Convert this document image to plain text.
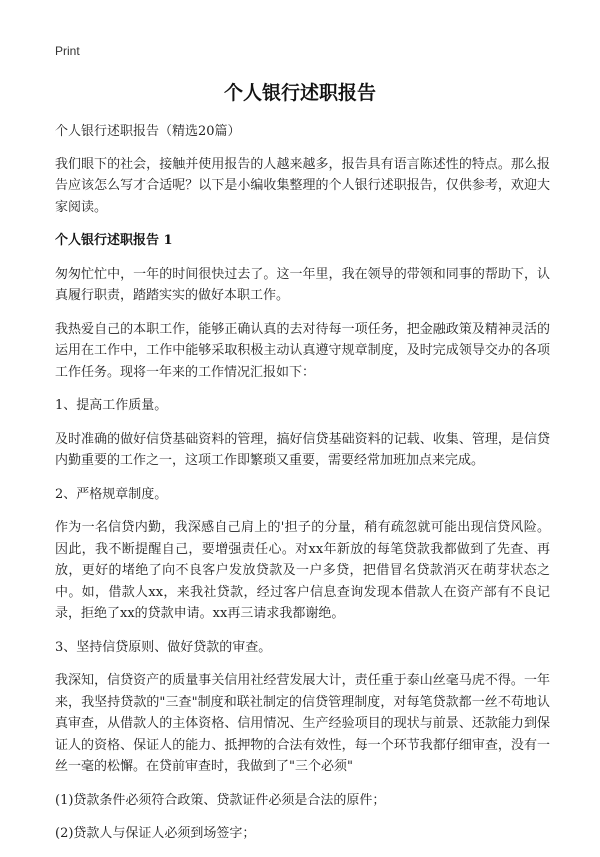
Print
个人银行述职报告

个人银行述职报告（精选20篇）

我们眼下的社会，接触并使用报告的人越来越多，报告具有语言陈述性的特点。那么报告应该怎么写才合适呢？以下是小编收集整理的个人银行述职报告，仅供参考，欢迎大家阅读。

个人银行述职报告 1

匆匆忙忙中，一年的时间很快过去了。这一年里，我在领导的带领和同事的帮助下，认真履行职责，踏踏实实的做好本职工作。

我热爱自己的本职工作，能够正确认真的去对待每一项任务，把金融政策及精神灵活的运用在工作中，工作中能够采取积极主动认真遵守规章制度，及时完成领导交办的各项工作任务。现将一年来的工作情况汇报如下：

1、提高工作质量。

及时准确的做好信贷基础资料的管理，搞好信贷基础资料的记载、收集、管理，是信贷内勤重要的工作之一，这项工作即繁琐又重要，需要经常加班加点来完成。

2、严格规章制度。

作为一名信贷内勤，我深感自己肩上的'担子的分量，稍有疏忽就可能出现信贷风险。因此，我不断提醒自己，要增强责任心。对xx年新放的每笔贷款我都做到了先查、再放，更好的堵绝了向不良客户发放贷款及一户多贷，把借冒名贷款消灭在萌芽状态之中。如，借款人xx，来我社贷款，经过客户信息查询发现本借款人在资产部有不良记录，拒绝了xx的贷款申请。xx再三请求我都谢绝。

3、坚持信贷原则、做好贷款的审查。

我深知，信贷资产的质量事关信用社经营发展大计，责任重于泰山丝毫马虎不得。一年来，我坚持贷款的"三查"制度和联社制定的信贷管理制度，对每笔贷款都一丝不苟地认真审查，从借款人的主体资格、信用情况、生产经验项目的现状与前景、还款能力到保证人的资格、保证人的能力、抵押物的合法有效性，每一个环节我都仔细审查，没有一丝一毫的松懈。在贷前审查时，我做到了"三个必须"

(1)贷款条件必须符合政策、贷款证件必须是合法的原件；

(2)贷款人与保证人必须到场签字；
